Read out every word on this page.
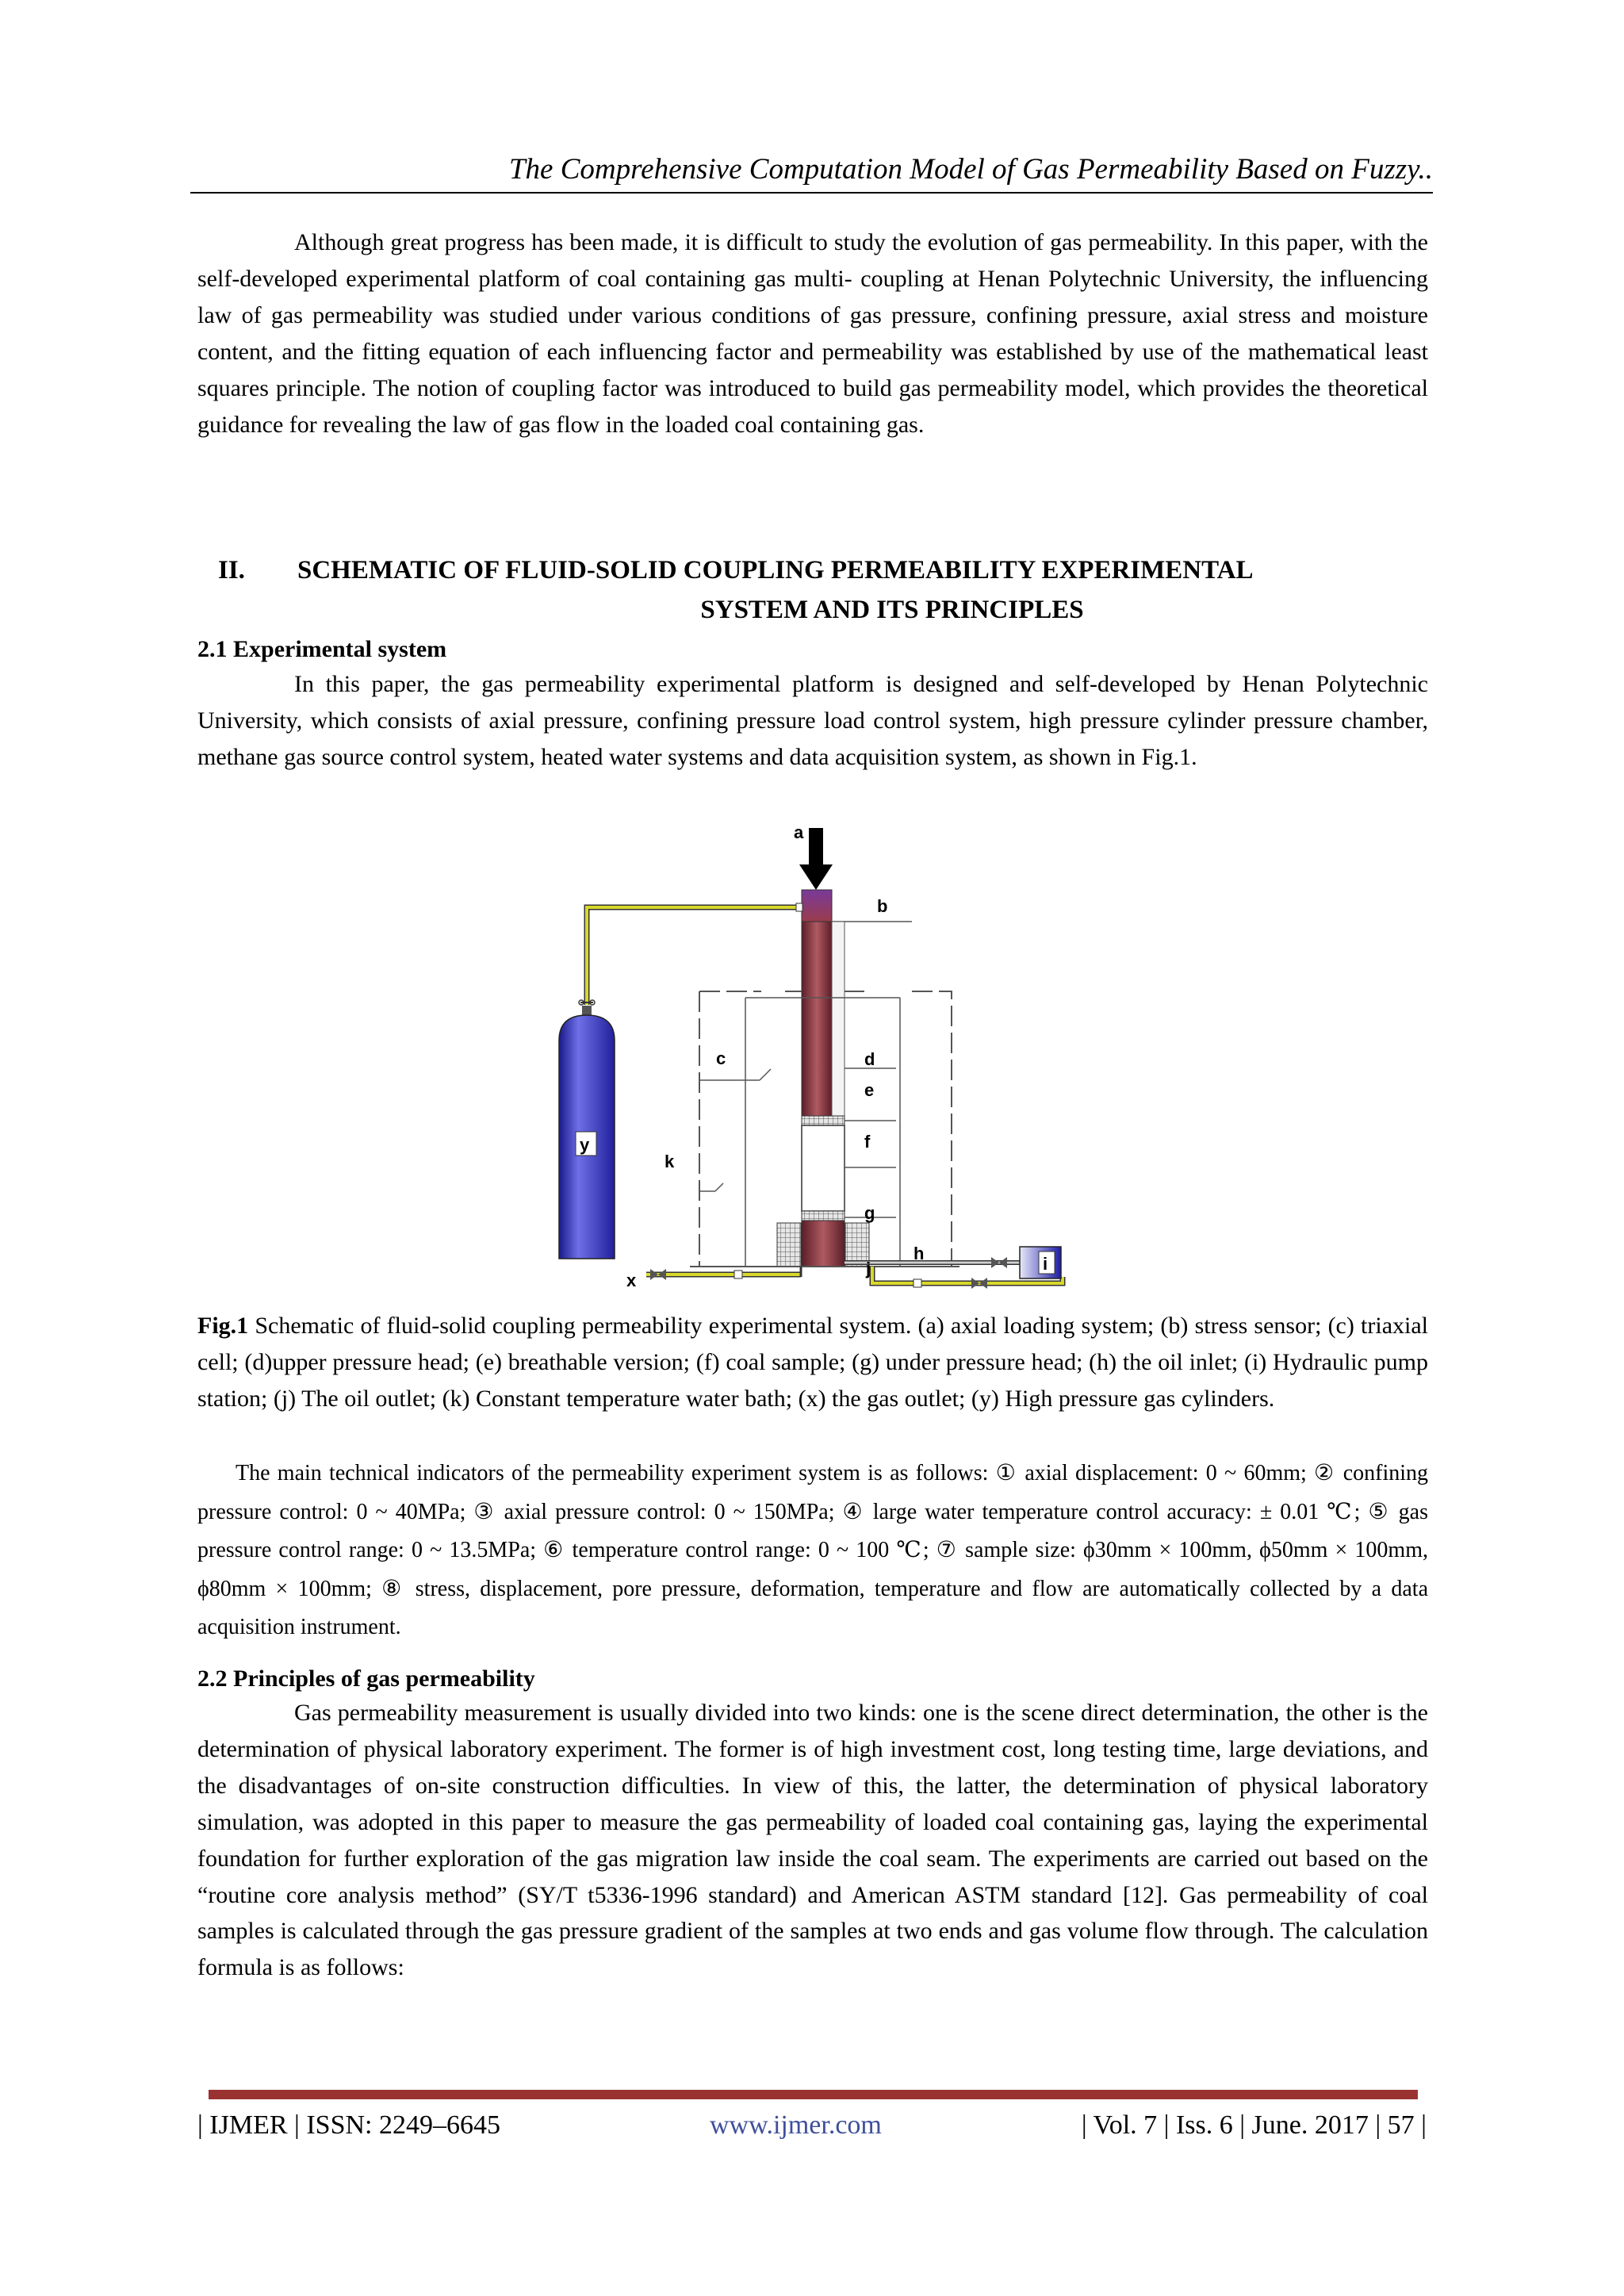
The Comprehensive Computation Model of Gas Permeability Based on Fuzzy..
Although great progress has been made, it is difficult to study the evolution of gas permeability. In this paper, with the self-developed experimental platform of coal containing gas multi- coupling at Henan Polytechnic University, the influencing law of gas permeability was studied under various conditions of gas pressure, confining pressure, axial stress and moisture content, and the fitting equation of each influencing factor and permeability was established by use of the mathematical least squares principle. The notion of coupling factor was introduced to build gas permeability model, which provides the theoretical guidance for revealing the law of gas flow in the loaded coal containing gas.
II. SCHEMATIC OF FLUID-SOLID COUPLING PERMEABILITY EXPERIMENTAL
SYSTEM AND ITS PRINCIPLES
2.1 Experimental system
In this paper, the gas permeability experimental platform is designed and self-developed by Henan Polytechnic University, which consists of axial pressure, confining pressure load control system, high pressure cylinder pressure chamber, methane gas source control system, heated water systems and data acquisition system, as shown in Fig.1.
a
b
c	d
e
f
g
k
y
x
h
j	i
Fig.1 Schematic of fluid-solid coupling permeability experimental system. (a) axial loading system; (b) stress sensor; (c) triaxial cell; (d)upper pressure head; (e) breathable version; (f) coal sample; (g) under pressure head; (h) the oil inlet; (i) Hydraulic pump station; (j) The oil outlet; (k) Constant temperature water bath; (x) the gas outlet; (y) High pressure gas cylinders.
The main technical indicators of the permeability experiment system is as follows: ① axial displacement: 0 ~ 60mm; ② confining pressure control: 0 ~ 40MPa; ③ axial pressure control: 0 ~ 150MPa; ④ large water temperature control accuracy: ± 0.01 ℃; ⑤ gas pressure control range: 0 ~ 13.5MPa; ⑥ temperature control range: 0 ~ 100 ℃; ⑦ sample size: ϕ30mm × 100mm, ϕ50mm × 100mm, ϕ80mm × 100mm; ⑧ stress, displacement, pore pressure, deformation, temperature and flow are automatically collected by a data acquisition instrument.
2.2 Principles of gas permeability
Gas permeability measurement is usually divided into two kinds: one is the scene direct determination, the other is the determination of physical laboratory experiment. The former is of high investment cost, long testing time, large deviations, and the disadvantages of on-site construction difficulties. In view of this, the latter, the determination of physical laboratory simulation, was adopted in this paper to measure the gas permeability of loaded coal containing gas, laying the experimental foundation for further exploration of the gas migration law inside the coal seam. The experiments are carried out based on the “routine core analysis method” (SY/T t5336-1996 standard) and American ASTM standard [12]. Gas permeability of coal samples is calculated through the gas pressure gradient of the samples at two ends and gas volume flow through. The calculation formula is as follows:
| IJMER | ISSN: 2249–6645	www.ijmer.com	| Vol. 7 | Iss. 6 | June. 2017 | 57 |
